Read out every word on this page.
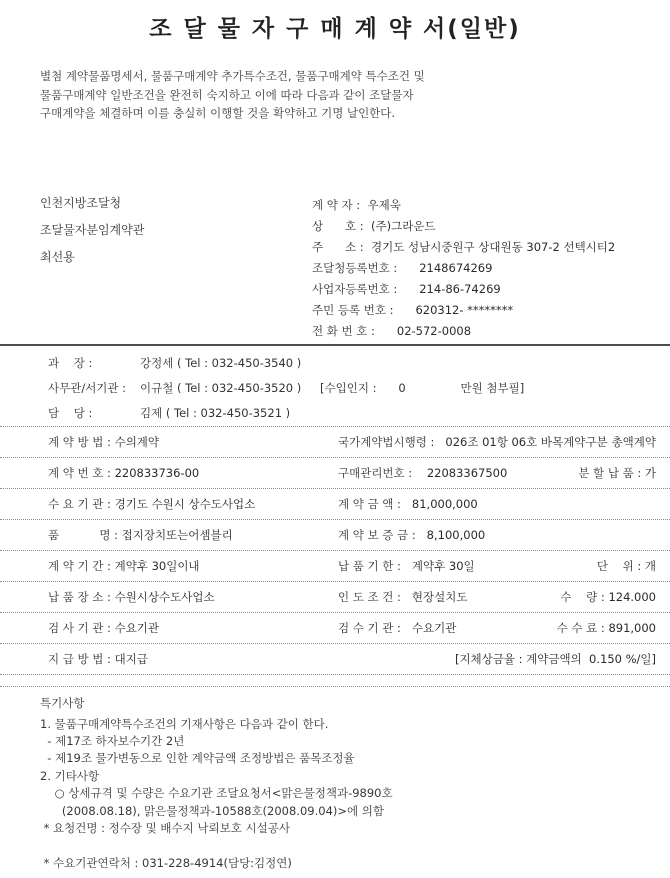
조 달 물 자 구 매 계 약 서(일반)
별첨 계약물품명세서, 물품구매계약 추가특수조건, 물품구매계약 특수조건 및
물품구매계약 일반조건을 완전히 숙지하고 이에 따라 다음과 같이 조달물자
구매계약을 체결하며 이를 충실히 이행할 것을 확약하고 기명 날인한다.
인천지방조달청
조달물자분임계약관
최선용
계 약 자 :  우제욱
상      호 :  (주)그라운드
주      소 :  경기도 성남시중원구 상대원동 307-2 선텍시티2
조달청등록번호 :      2148674269
사업자등록번호 :      214-86-74269
주민 등록 번호 :      620312- ********
전 화 번 호 :      02-572-0008
과    장 :	강정세 ( Tel : 032-450-3540 )
사무관/서기관 :	이규철 ( Tel : 032-450-3520 )	[수입인지 :      0               만원 첨부필]
담    당 :	김제 ( Tel : 032-450-3521 )
계 약 방 법 : 수의계약	국가계약법시행령 :   026조 01항 06호 바목계약구분 총액계약
계 약 번 호 : 220833736-00	구매관리번호 :    22083367500	분 할 납 품 : 가
수 요 기 관 : 경기도 수원시 상수도사업소	계 약 금 액 :   81,000,000
품           명 : 접지장치또는어셈블리	계 약 보 증 금 :   8,100,000
계 약 기 간 : 계약후 30일이내	납 품 기 한 :   계약후 30일	단    위 : 개
납 품 장 소 : 수원시상수도사업소	인 도 조 건 :   현장설치도	수    량 : 124.000
검 사 기 관 : 수요기관	검 수 기 관 :   수요기관	수 수 료 : 891,000
지 급 방 법 : 대지급	[지체상금율 : 계약금액의  0.150 %/일]
특기사항
1. 물품구매계약특수조건의 기재사항은 다음과 같이 한다.
- 제17조 하자보수기간 2년
- 제19조 물가변동으로 인한 계약금액 조정방법은 품목조정율
2. 기타사항
○ 상세규격 및 수량은 수요기관 조달요청서<맑은물정책과-9890호
(2008.08.18), 맑은물정책과-10588호(2008.09.04)>에 의함
* 요청건명 : 정수장 및 배수지 낙뢰보호 시설공사
* 수요기관연락처 : 031-228-4914(담당:김정연)
